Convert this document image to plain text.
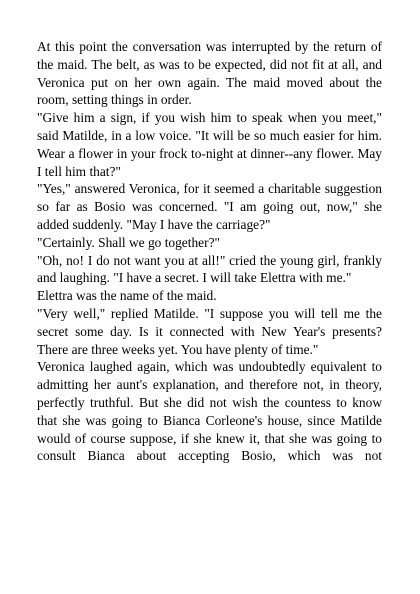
At this point the conversation was interrupted by the return of the maid. The belt, as was to be expected, did not fit at all, and Veronica put on her own again. The maid moved about the room, setting things in order.

"Give him a sign, if you wish him to speak when you meet," said Matilde, in a low voice. "It will be so much easier for him. Wear a flower in your frock to-night at dinner--any flower. May I tell him that?"

"Yes," answered Veronica, for it seemed a charitable suggestion so far as Bosio was concerned. "I am going out, now," she added suddenly. "May I have the carriage?"

"Certainly. Shall we go together?"

"Oh, no! I do not want you at all!" cried the young girl, frankly and laughing. "I have a secret. I will take Elettra with me."

Elettra was the name of the maid.

"Very well," replied Matilde. "I suppose you will tell me the secret some day. Is it connected with New Year's presents? There are three weeks yet. You have plenty of time."

Veronica laughed again, which was undoubtedly equivalent to admitting her aunt's explanation, and therefore not, in theory, perfectly truthful. But she did not wish the countess to know that she was going to Bianca Corleone's house, since Matilde would of course suppose, if she knew it, that she was going to consult Bianca about accepting Bosio, which was not
